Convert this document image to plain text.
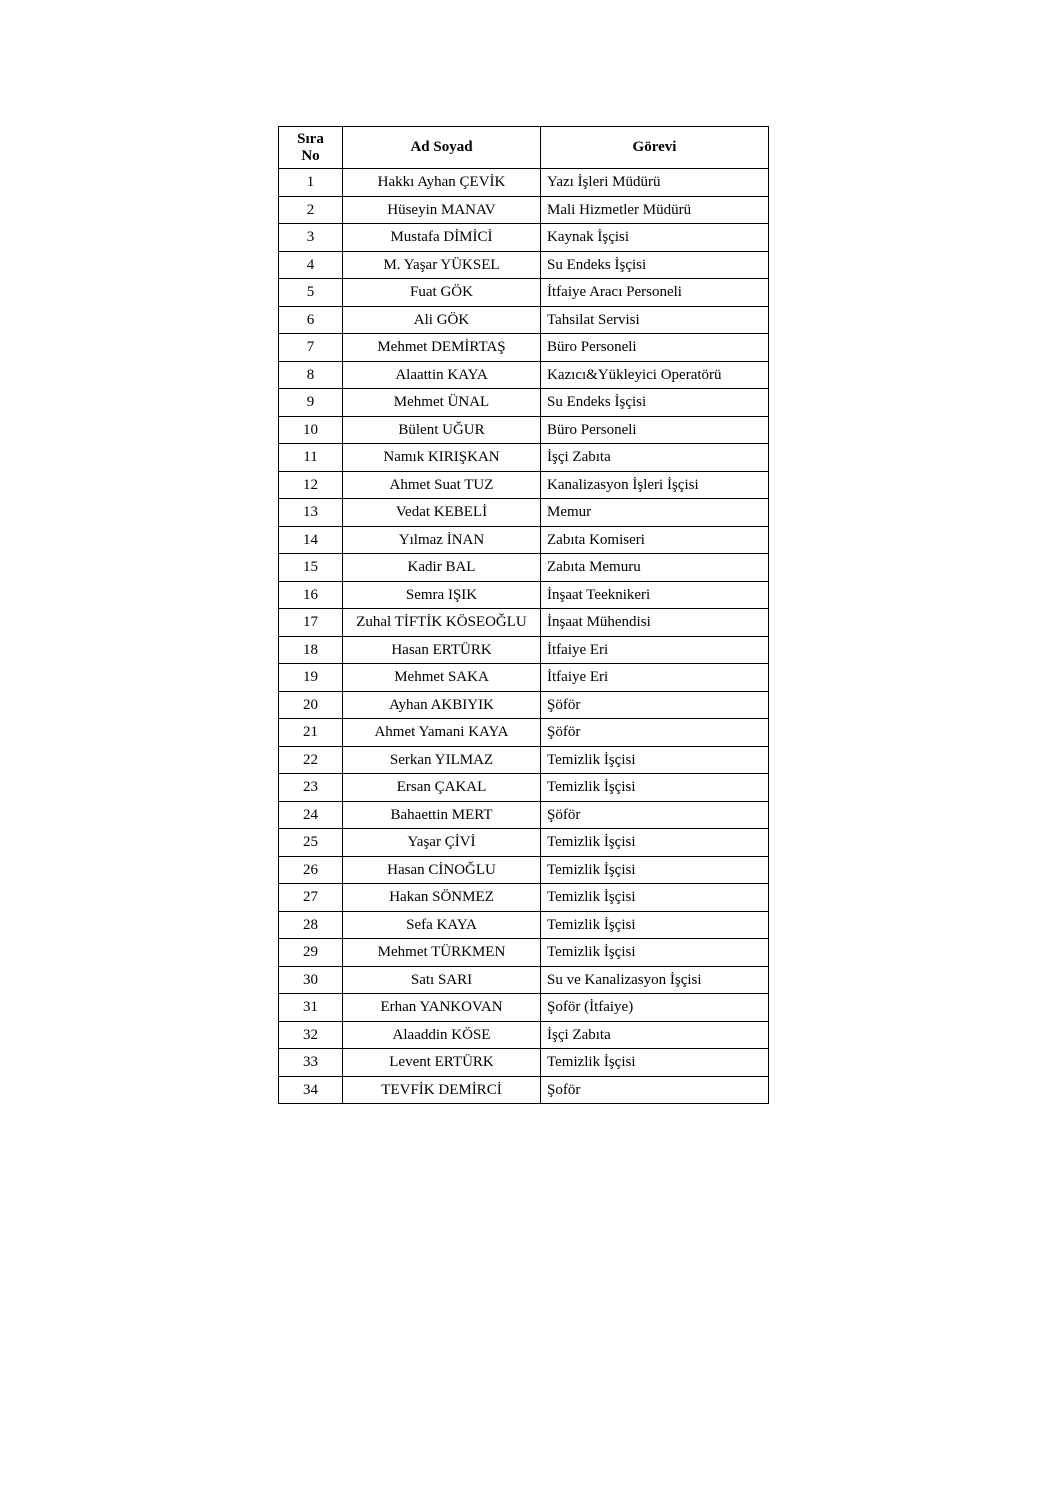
Sıra
No	Ad Soyad	Görevi
1	Hakkı Ayhan ÇEVİK	Yazı İşleri Müdürü
2	Hüseyin MANAV	Mali Hizmetler Müdürü
3	Mustafa DİMİCİ	Kaynak İşçisi
4	M. Yaşar YÜKSEL	Su Endeks İşçisi
5	Fuat GÖK	İtfaiye Aracı Personeli
6	Ali GÖK	Tahsilat Servisi
7	Mehmet DEMİRTAŞ	Büro Personeli
8	Alaattin KAYA	Kazıcı&Yükleyici Operatörü
9	Mehmet ÜNAL	Su Endeks İşçisi
10	Bülent UĞUR	Büro Personeli
11	Namık KIRIŞKAN	İşçi Zabıta
12	Ahmet Suat TUZ	Kanalizasyon İşleri İşçisi
13	Vedat KEBELİ	Memur
14	Yılmaz İNAN	Zabıta Komiseri
15	Kadir BAL	Zabıta Memuru
16	Semra IŞIK	İnşaat Teeknikeri
17	Zuhal TİFTİK KÖSEOĞLU	İnşaat Mühendisi
18	Hasan ERTÜRK	İtfaiye Eri
19	Mehmet SAKA	İtfaiye Eri
20	Ayhan AKBIYIK	Şöför
21	Ahmet Yamani KAYA	Şöför
22	Serkan YILMAZ	Temizlik İşçisi
23	Ersan ÇAKAL	Temizlik İşçisi
24	Bahaettin MERT	Şöför
25	Yaşar ÇİVİ	Temizlik İşçisi
26	Hasan CİNOĞLU	Temizlik İşçisi
27	Hakan SÖNMEZ	Temizlik İşçisi
28	Sefa KAYA	Temizlik İşçisi
29	Mehmet TÜRKMEN	Temizlik İşçisi
30	Satı SARI	Su ve Kanalizasyon İşçisi
31	Erhan YANKOVAN	Şoför (İtfaiye)
32	Alaaddin KÖSE	İşçi Zabıta
33	Levent ERTÜRK	Temizlik İşçisi
34	TEVFİK DEMİRCİ	Şoför
